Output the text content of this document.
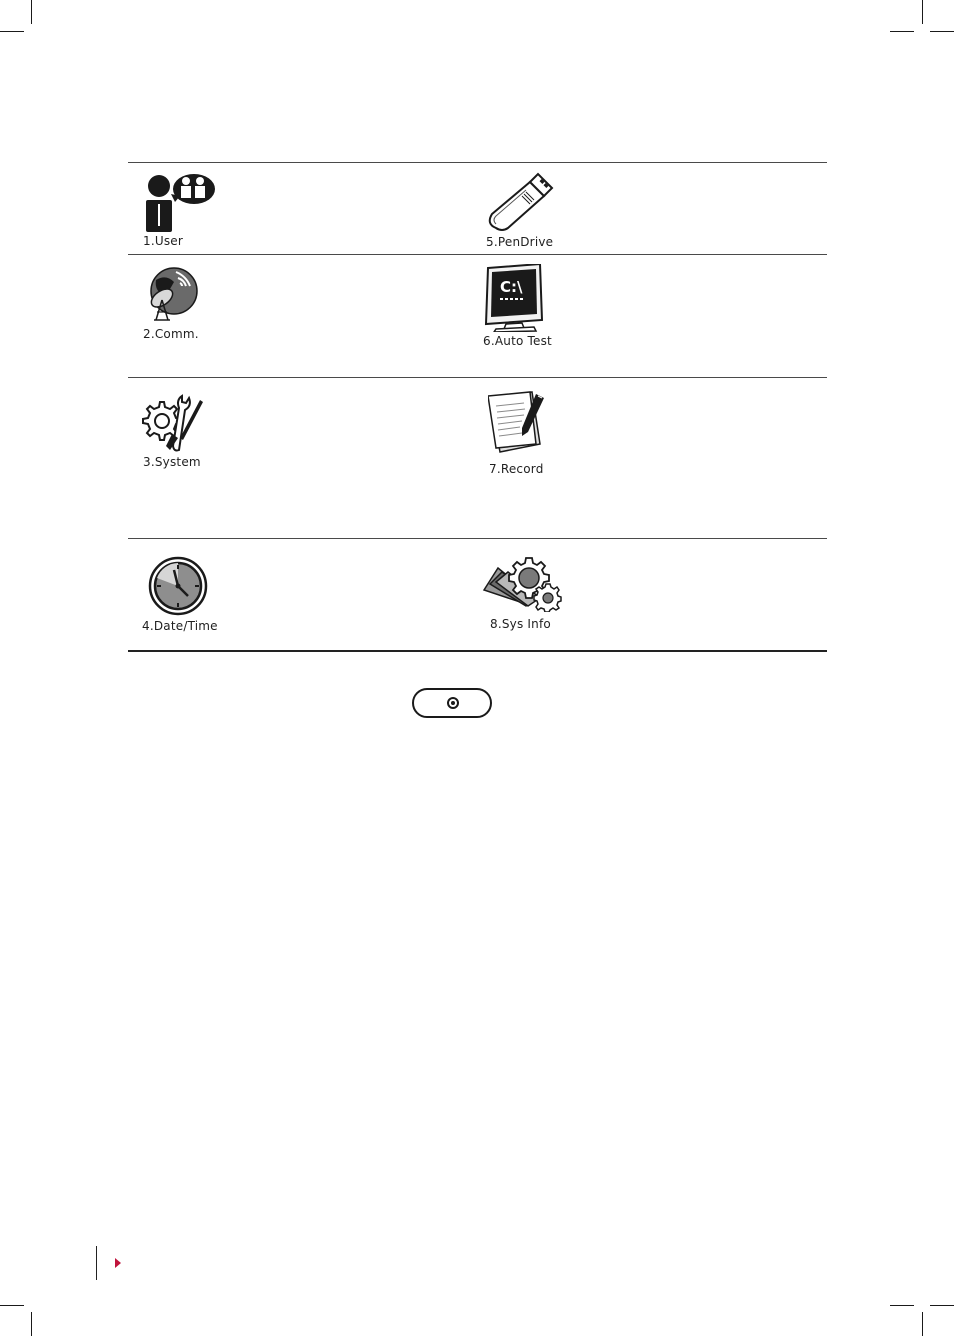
1.User
2.Comm.
3.System
4.Date/Time
5.PenDrive
C:\
6.Auto Test
7.Record
8.Sys Info
